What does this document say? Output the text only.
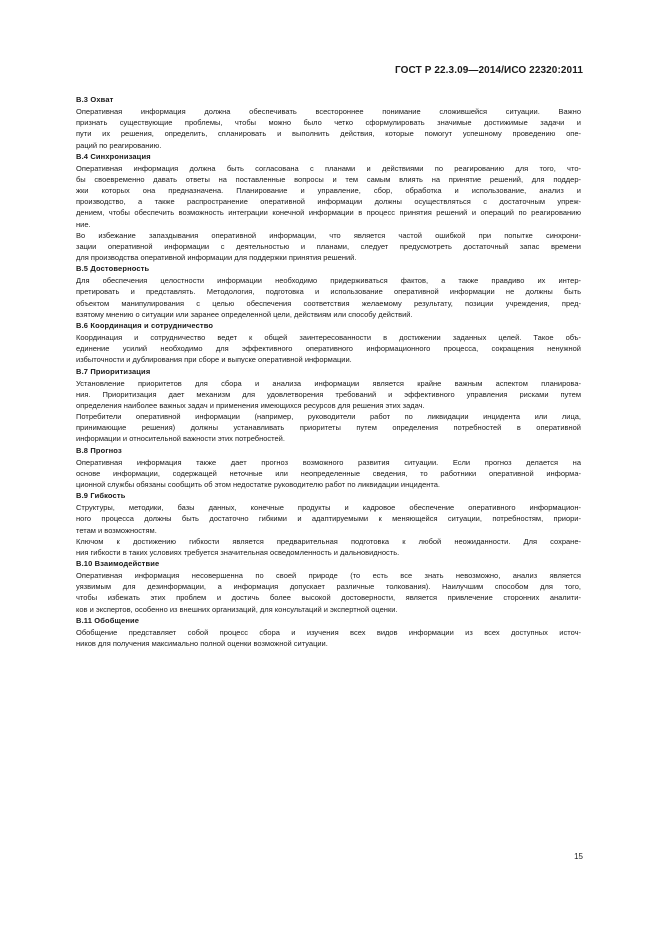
ГОСТ Р 22.3.09—2014/ИСО 22320:2011
В.3 Охват
Оперативная информация должна обеспечивать всестороннее понимание сложившейся ситуации. Важно
признать существующие проблемы, чтобы можно было четко сформулировать значимые достижимые задачи и
пути их решения, определить, спланировать и выполнить действия, которые помогут успешному проведению опе-
раций по реагированию.
В.4 Синхронизация
Оперативная информация должна быть согласована с планами и действиями по реагированию для того, что-
бы своевременно давать ответы на поставленные вопросы и тем самым влиять на принятие решений, для поддер-
жки которых она предназначена. Планирование и управление, сбор, обработка и использование, анализ и
производство, а также распространение оперативной информации должны осуществляться с достаточным упреж-
дением, чтобы обеспечить возможность интеграции конечной информации в процесс принятия решений и операций по реагированию
ние.
Во избежание запаздывания оперативной информации, что является частой ошибкой при попытке синхрони-
зации оперативной информации с деятельностью и планами, следует предусмотреть достаточный запас времени
для производства оперативной информации для поддержки принятия решений.
В.5 Достоверность
Для обеспечения целостности информации необходимо придерживаться фактов, а также правдиво их интер-
претировать и представлять. Методология, подготовка и использование оперативной информации не должны быть
объектом манипулирования с целью обеспечения соответствия желаемому результату, позиции учреждения, пред-
взятому мнению о ситуации или заранее определенной цели, действиям или способу действий.
В.6 Координация и сотрудничество
Координация и сотрудничество ведет к общей заинтересованности в достижении заданных целей. Такое объ-
единение усилий необходимо для эффективного оперативного информационного процесса, сокращения ненужной
избыточности и дублирования при сборе и выпуске оперативной информации.
В.7 Приоритизация
Установление приоритетов для сбора и анализа информации является крайне важным аспектом планирова-
ния. Приоритизация дает механизм для удовлетворения требований и эффективного управления рисками путем
определения наиболее важных задач и применения имеющихся ресурсов для решения этих задач.
Потребители оперативной информации (например, руководители работ по ликвидации инцидента или лица,
принимающие решения) должны устанавливать приоритеты путем определения потребностей в оперативной
информации и относительной важности этих потребностей.
В.8 Прогноз
Оперативная информация также дает прогноз возможного развития ситуации. Если прогноз делается на
основе информации, содержащей неточные или неопределенные сведения, то работники оперативной информа-
ционной службы обязаны сообщить об этом недостатке руководителю работ по ликвидации инцидента.
В.9 Гибкость
Структуры, методики, базы данных, конечные продукты и кадровое обеспечение оперативного информацион-
ного процесса должны быть достаточно гибкими и адаптируемыми к меняющейся ситуации, потребностям, приори-
тетам и возможностям.
Ключом к достижению гибкости является предварительная подготовка к любой неожиданности. Для сохране-
ния гибкости в таких условиях требуется значительная осведомленность и дальновидность.
В.10 Взаимодействие
Оперативная информация несовершенна по своей природе (то есть все знать невозможно, анализ является
уязвимым для дезинформации, а информация допускает различные толкования). Наилучшим способом для того,
чтобы избежать этих проблем и достичь более высокой достоверности, является привлечение сторонних аналити-
ков и экспертов, особенно из внешних организаций, для консультаций и экспертной оценки.
В.11 Обобщение
Обобщение представляет собой процесс сбора и изучения всех видов информации из всех доступных источ-
ников для получения максимально полной оценки возможной ситуации.
15
